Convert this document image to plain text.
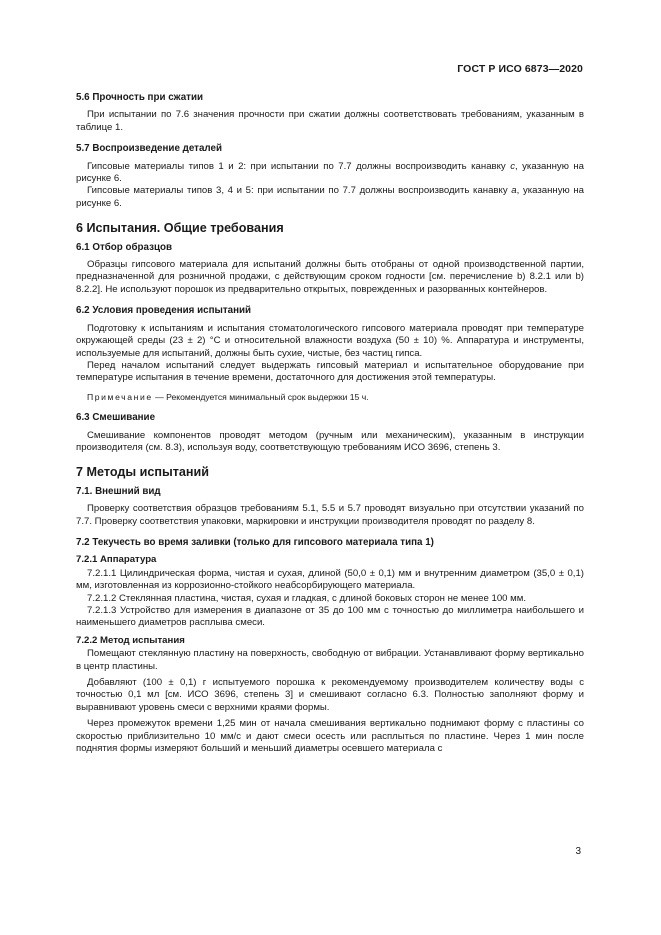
ГОСТ Р ИСО 6873—2020
5.6 Прочность при сжатии

При испытании по 7.6 значения прочности при сжатии должны соответствовать требованиям, указанным в таблице 1.

5.7 Воспроизведение деталей

Гипсовые материалы типов 1 и 2: при испытании по 7.7 должны воспроизводить канавку c, указанную на рисунке 6.

Гипсовые материалы типов 3, 4 и 5: при испытании по 7.7 должны воспроизводить канавку a, указанную на рисунке 6.

6 Испытания. Общие требования
6.1 Отбор образцов

Образцы гипсового материала для испытаний должны быть отобраны от одной производственной партии, предназначенной для розничной продажи, с действующим сроком годности [см. перечисление b) 8.2.1 или b) 8.2.2]. Не используют порошок из предварительно открытых, поврежденных и разорванных контейнеров.

6.2 Условия проведения испытаний

Подготовку к испытаниям и испытания стоматологического гипсового материала проводят при температуре окружающей среды (23 ± 2) °C и относительной влажности воздуха (50 ± 10) %. Аппаратура и инструменты, используемые для испытаний, должны быть сухие, чистые, без частиц гипса.

Перед началом испытаний следует выдержать гипсовый материал и испытательное оборудование при температуре испытания в течение времени, достаточного для достижения этой температуры.

Примечание — Рекомендуется минимальный срок выдержки 15 ч.

6.3 Смешивание

Смешивание компонентов проводят методом (ручным или механическим), указанным в инструкции производителя (см. 8.3), используя воду, соответствующую требованиям ИСО 3696, степень 3.

7 Методы испытаний
7.1. Внешний вид

Проверку соответствия образцов требованиям 5.1, 5.5 и 5.7 проводят визуально при отсутствии указаний по 7.7. Проверку соответствия упаковки, маркировки и инструкции производителя проводят по разделу 8.

7.2 Текучесть во время заливки (только для гипсового материала типа 1)
7.2.1 Аппаратура

7.2.1.1 Цилиндрическая форма, чистая и сухая, длиной (50,0 ± 0,1) мм и внутренним диаметром (35,0 ± 0,1) мм, изготовленная из коррозионно-стойкого неабсорбирующего материала.

7.2.1.2 Стеклянная пластина, чистая, сухая и гладкая, с длиной боковых сторон не менее 100 мм.

7.2.1.3 Устройство для измерения в диапазоне от 35 до 100 мм с точностью до миллиметра наибольшего и наименьшего диаметров расплыва смеси.

7.2.2 Метод испытания

Помещают стеклянную пластину на поверхность, свободную от вибрации. Устанавливают форму вертикально в центр пластины.

Добавляют (100 ± 0,1) г испытуемого порошка к рекомендуемому производителем количеству воды с точностью 0,1 мл [см. ИСО 3696, степень 3] и смешивают согласно 6.3. Полностью заполняют форму и выравнивают уровень смеси с верхними краями формы.

Через промежуток времени 1,25 мин от начала смешивания вертикально поднимают форму с пластины со скоростью приблизительно 10 мм/с и дают смеси осесть или расплыться по пластине. Через 1 мин после поднятия формы измеряют больший и меньший диаметры осевшего материала с

3
